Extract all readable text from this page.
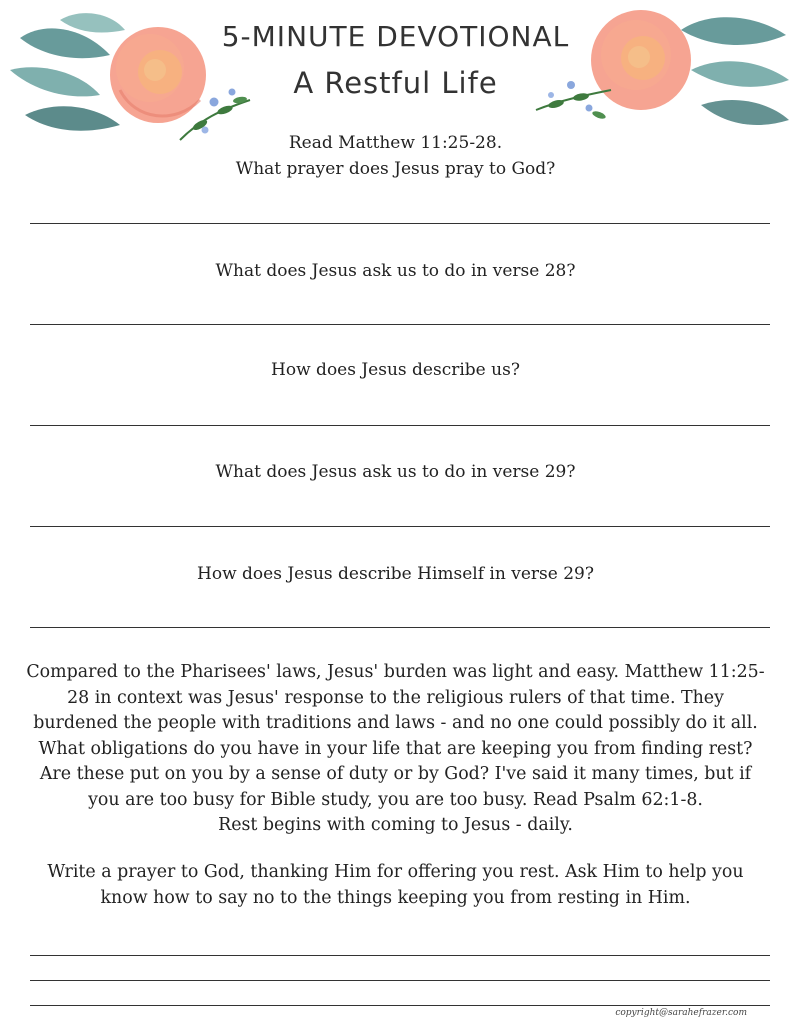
5-MINUTE DEVOTIONAL
A Restful Life

Read Matthew 11:25-28.
What prayer does Jesus pray to God?

What does Jesus ask us to do in verse 28?

How does Jesus describe us?

What does Jesus ask us to do in verse 29?

How does Jesus describe Himself in verse 29?

Compared to the Pharisees' laws, Jesus' burden was light and easy. Matthew 11:25-
28 in context was Jesus' response to the religious rulers of that time. They
burdened the people with traditions and laws - and no one could possibly do it all.
What obligations do you have in your life that are keeping you from finding rest?
Are these put on you by a sense of duty or by God? I've said it many times, but if
you are too busy for Bible study, you are too busy. Read Psalm 62:1-8.
Rest begins with coming to Jesus - daily.

Write a prayer to God, thanking Him for offering you rest. Ask Him to help you
know how to say no to the things keeping you from resting in Him.

copyright@sarahefrazer.com
